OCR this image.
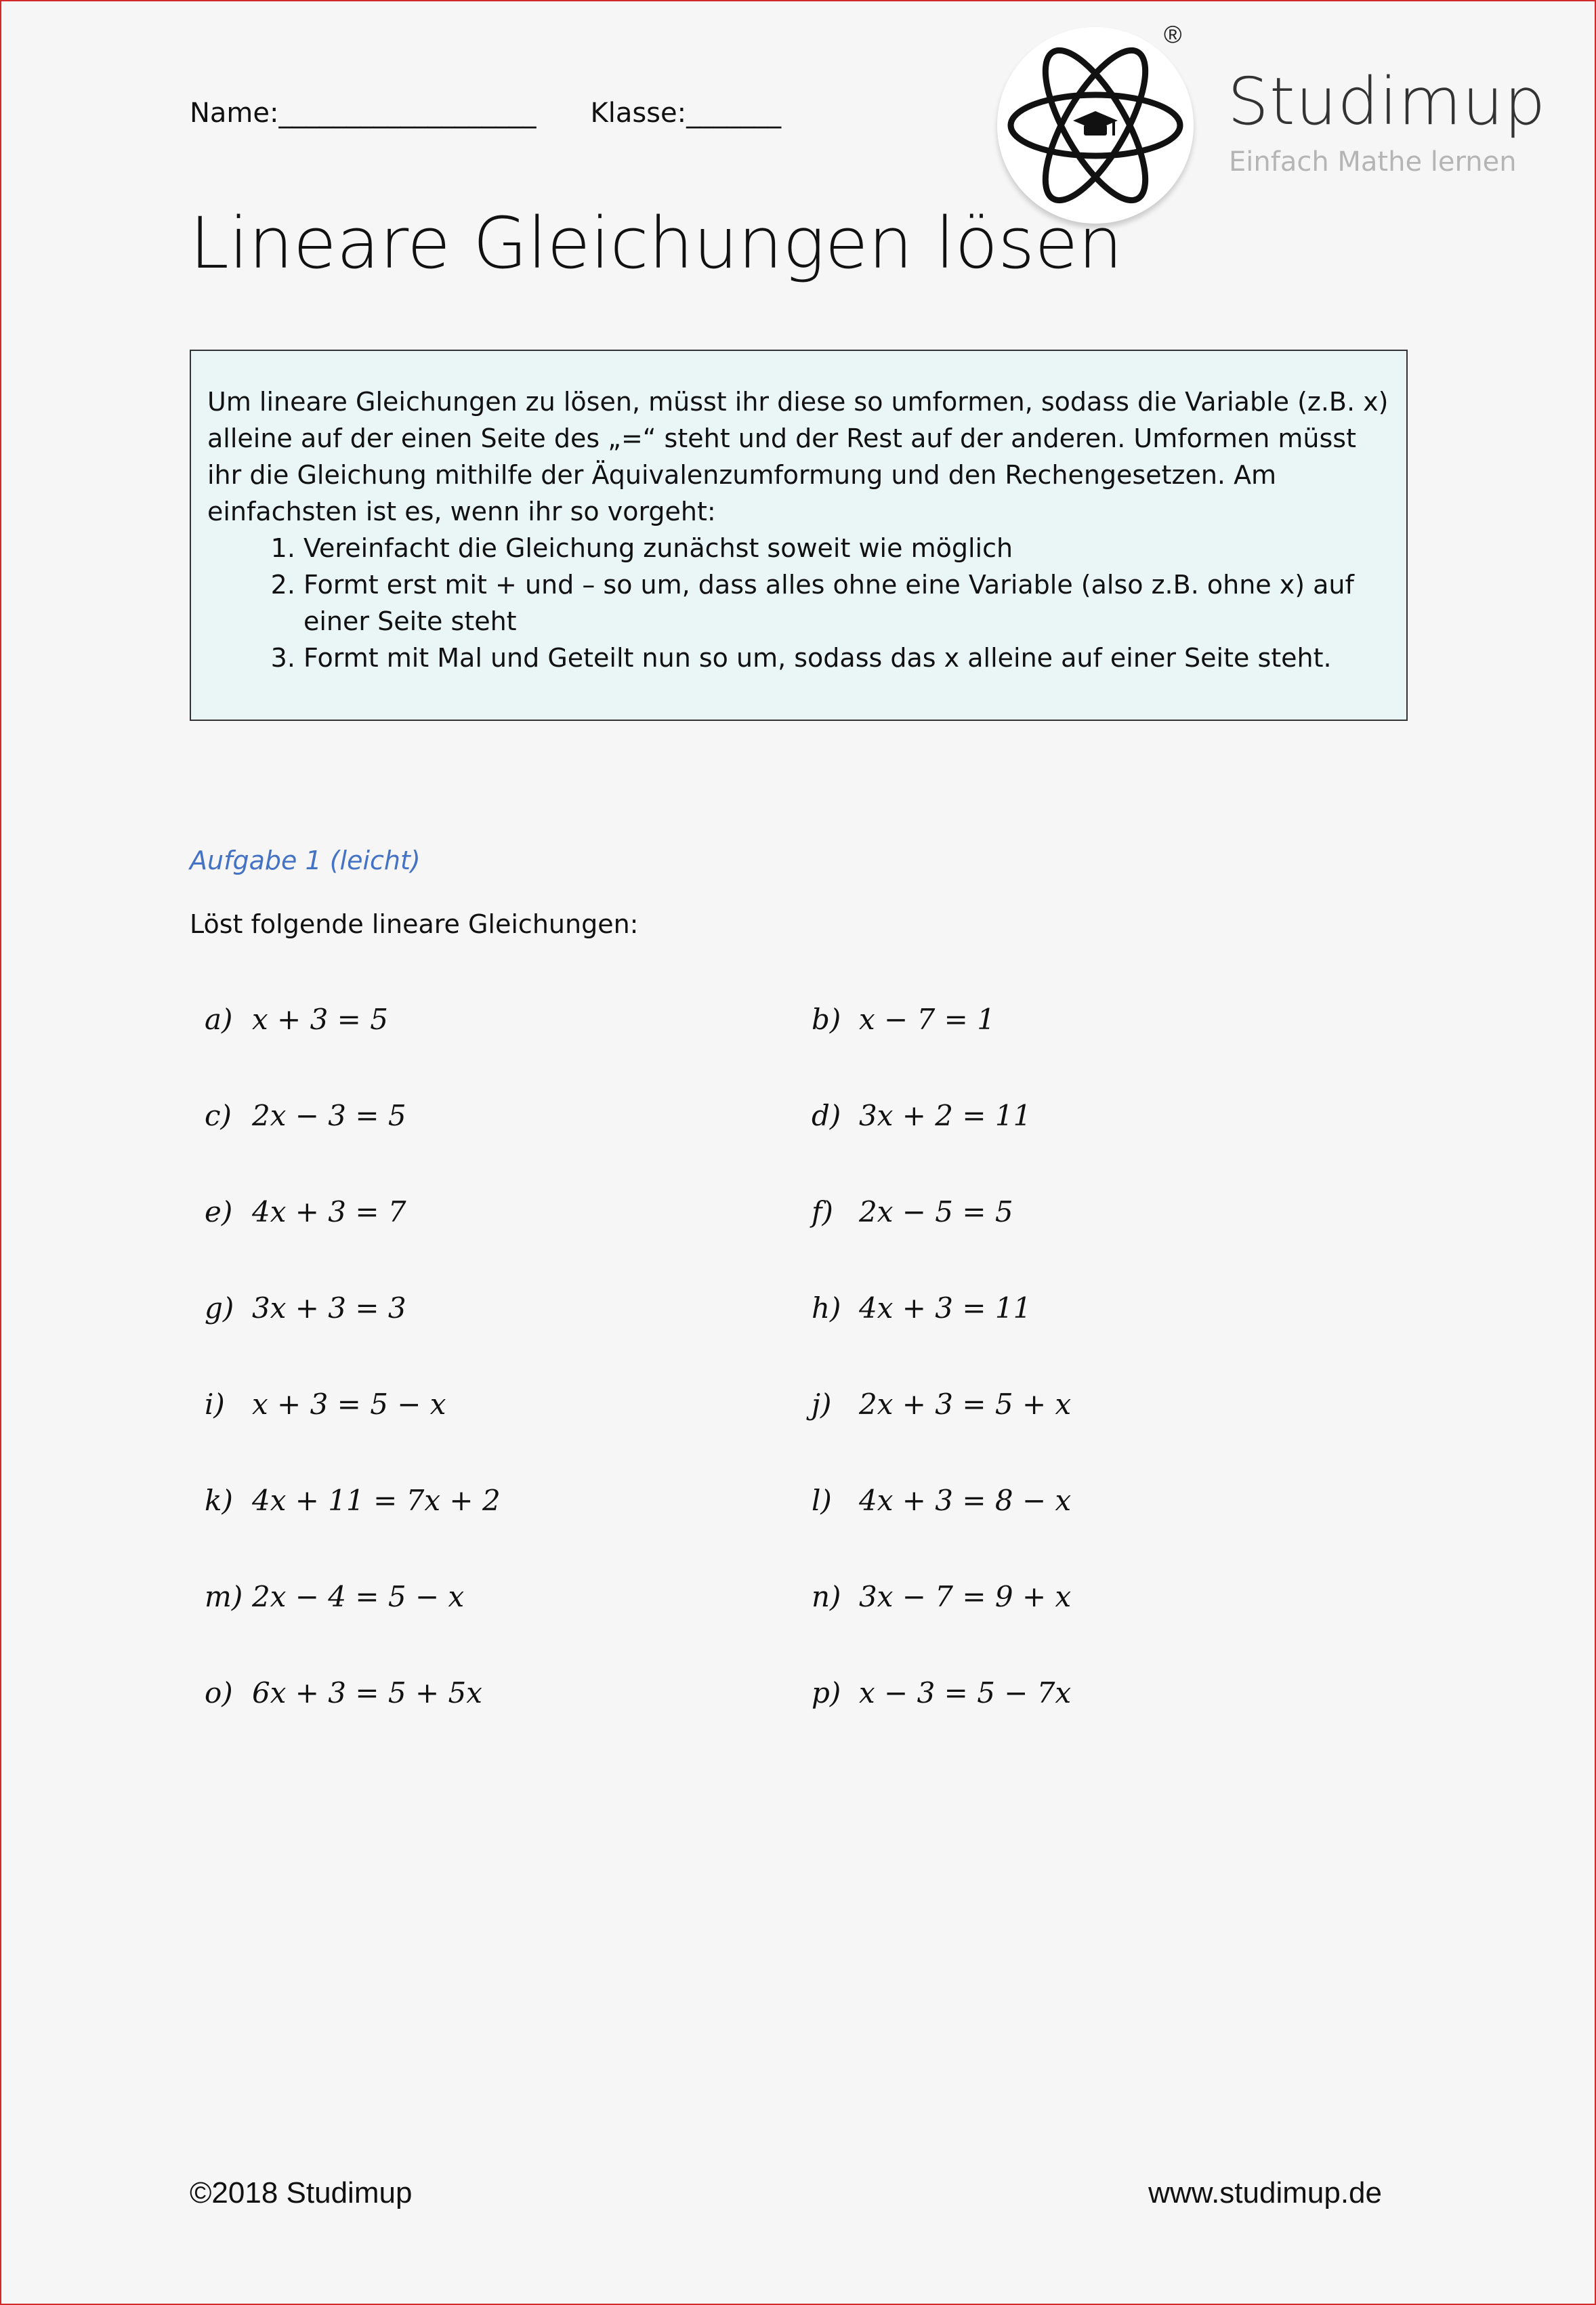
Name:___________________ Klasse:_______
®
Studimup
Einfach Mathe lernen
Lineare Gleichungen lösen

Um lineare Gleichungen zu lösen, müsst ihr diese so umformen, sodass die Variable (z.B. x) alleine auf der einen Seite des „=“ steht und der Rest auf der anderen. Umformen müsst ihr die Gleichung mithilfe der Äquivalenzumformung und den Rechengesetzen. Am einfachsten ist es, wenn ihr so vorgeht:

1. Vereinfacht die Gleichung zunächst soweit wie möglich
2. Formt erst mit + und – so um, dass alles ohne eine Variable (also z.B. ohne x) auf einer Seite steht
3. Formt mit Mal und Geteilt nun so um, sodass das x alleine auf einer Seite steht.
Aufgabe 1 (leicht)
Löst folgende lineare Gleichungen:
a) x + 3 = 5	b) x − 7 = 1
c) 2x − 3 = 5	d) 3x + 2 = 11
e) 4x + 3 = 7	f) 2x − 5 = 5
g) 3x + 3 = 3	h) 4x + 3 = 11
i) x + 3 = 5 − x	j) 2x + 3 = 5 + x
k) 4x + 11 = 7x + 2	l) 4x + 3 = 8 − x
m) 2x − 4 = 5 − x	n) 3x − 7 = 9 + x
o) 6x + 3 = 5 + 5x	p) x − 3 = 5 − 7x
©2018 Studimup	www.studimup.de
